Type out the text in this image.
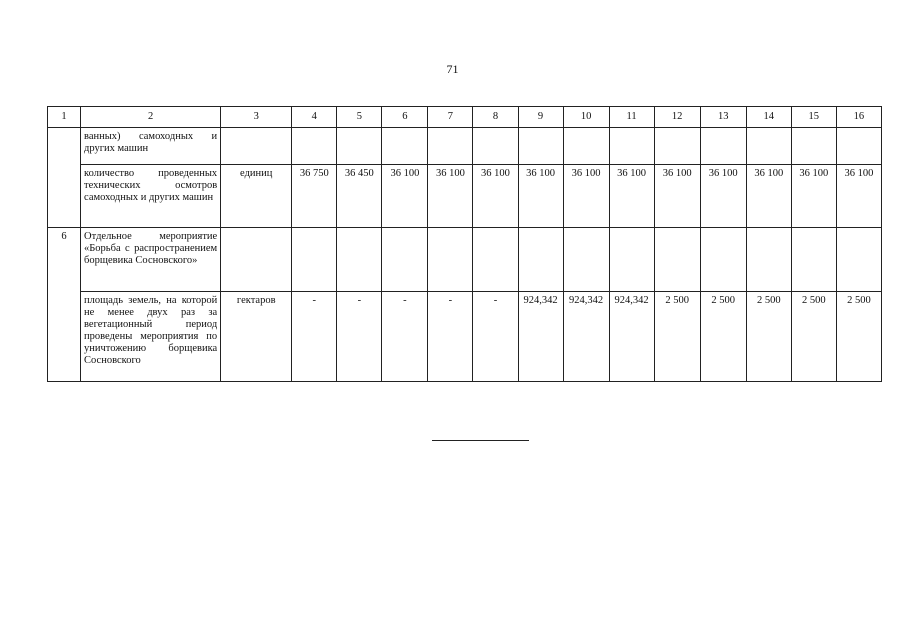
71
1	2	3	4	5	6	7	8	9	10	11	12	13	14	15	16
	ванных) самоходных и других машин														
	количество проведенных технических осмотров самоходных и других машин	единиц	36 750	36 450	36 100	36 100	36 100	36 100	36 100	36 100	36 100	36 100	36 100	36 100	36 100
6	Отдельное мероприятие «Борьба с распространением борщевика Сосновского»														
	площадь земель, на которой не менее двух раз за вегетационный период проведены мероприятия по уничтожению борщевика Сосновского	гектаров	-	-	-	-	-	924,342	924,342	924,342	2 500	2 500	2 500	2 500	2 500
